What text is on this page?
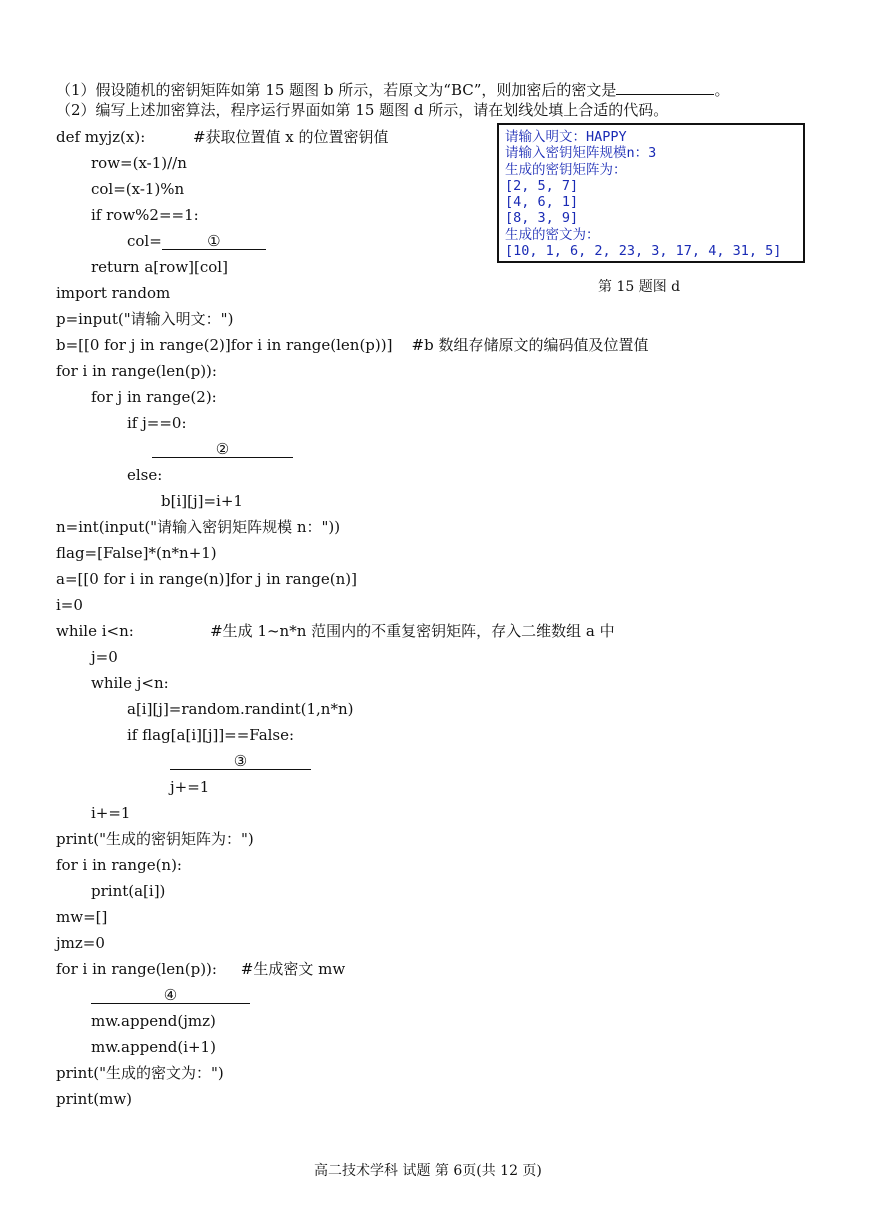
（1）假设随机的密钥矩阵如第 15 题图 b 所示，若原文为“BC”，则加密后的密文是	。
（2）编写上述加密算法，程序运行界面如第 15 题图 d 所示，请在划线处填上合适的代码。
请输入明文：HAPPY
请输入密钥矩阵规模n：3
生成的密钥矩阵为：
[2, 5, 7]
[4, 6, 1]
[8, 3, 9]
生成的密文为：
[10, 1, 6, 2, 23, 3, 17, 4, 31, 5]
第 15 题图 d
def myjz(x):          #获取位置值 x 的位置密钥值
row=(x-1)//n
col=(x-1)%n
if row%2==1:
col=	①
return a[row][col]
import random
p=input("请输入明文：")
b=[[0 for j in range(2)]for i in range(len(p))]    #b 数组存储原文的编码值及位置值
for i in range(len(p)):
for j in range(2):
if j==0:
②
else:
b[i][j]=i+1
n=int(input("请输入密钥矩阵规模 n："))
flag=[False]*(n*n+1)
a=[[0 for i in range(n)]for j in range(n)]
i=0
while i<n:                #生成 1~n*n 范围内的不重复密钥矩阵，存入二维数组 a 中
j=0
while j<n:
a[i][j]=random.randint(1,n*n)
if flag[a[i][j]]==False:
③
j+=1
i+=1
print("生成的密钥矩阵为：")
for i in range(n):
print(a[i])
mw=[]
jmz=0
for i in range(len(p)):     #生成密文 mw
④
mw.append(jmz)
mw.append(i+1)
print("生成的密文为：")
print(mw)
高二技术学科 试题 第 6页(共 12 页)
